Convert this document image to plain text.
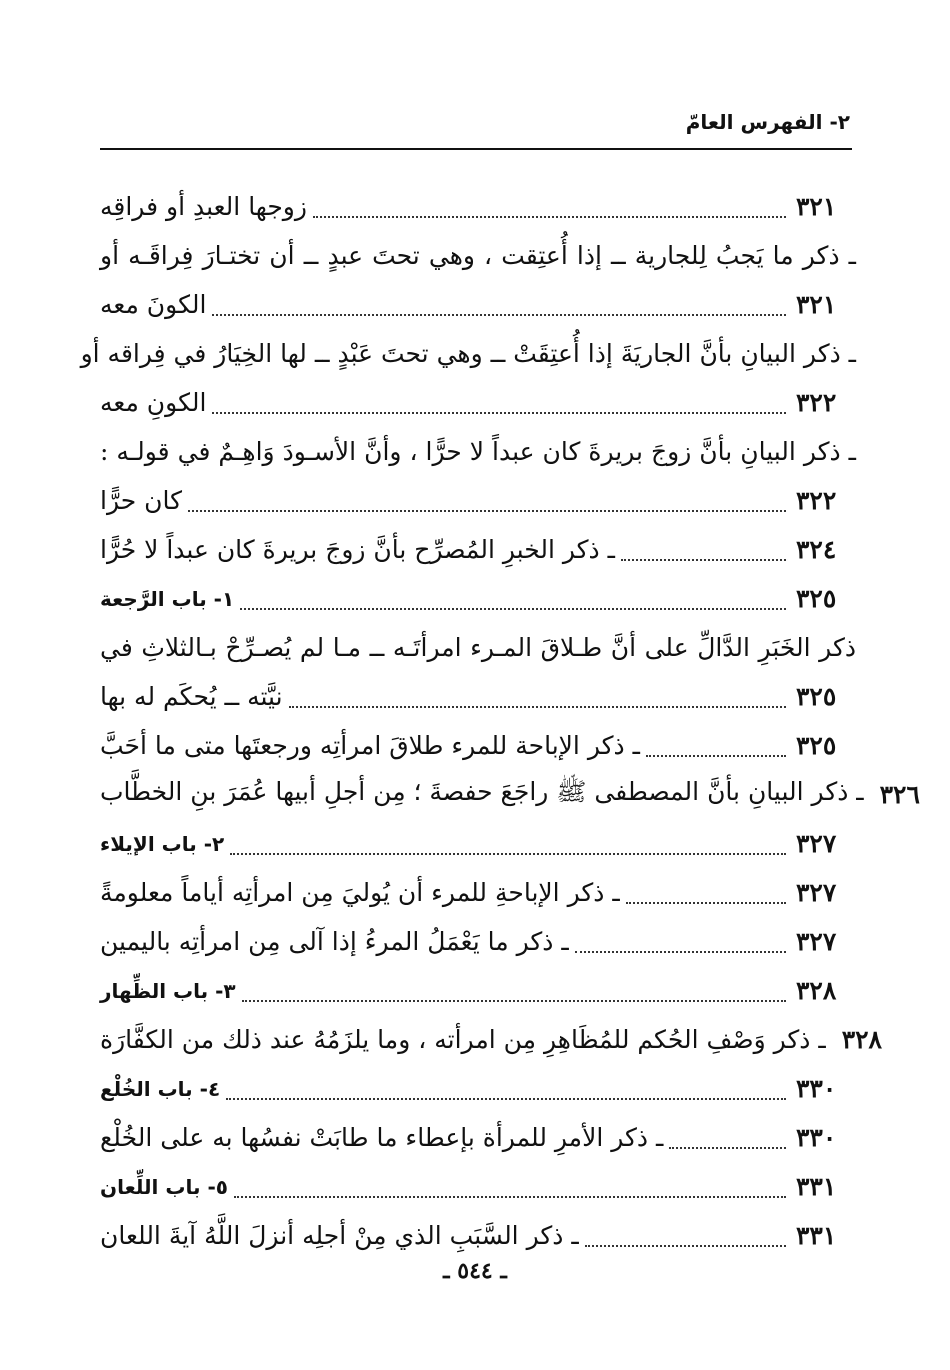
٢- الفهرس العامّ
زوجها العبدِ أو فراقِه	٣٢١
ـ ذكر ما يَجبُ لِلجارية ــ إذا أُعتِقت ، وهي تحتَ عبدٍ ــ أن تختـارَ فِراقَـه أو
الكونَ معه	٣٢١
ـ ذكر البيانِ بأنَّ الجاريَةَ إذا أُعتِقَتْ ــ وهي تحتَ عَبْدٍ ــ لها الخِيَارُ في فِراقه أو
الكونِ معه	٣٢٢
ـ ذكر البيانِ بأنَّ زوجَ بريرةَ كان عبداً لا حرًّا ، وأنَّ الأسـودَ وَاهِـمٌ في قولـه :
كان حرًّا	٣٢٢
ـ ذكر الخبرِ المُصرِّح بأنَّ زوجَ بريرةَ كان عبداً لا حُرًّا	٣٢٤
١- باب الرَّجعة	٣٢٥
ذكر الخَبَرِ الدَّالِّ على أنَّ طـلاقَ المـرء امرأتَـه ــ مـا لم يُصـرِّحْ بـالثلاثِ في
نيَّته ــ يُحكَم له بها	٣٢٥
ـ ذكر الإباحة للمرء طلاقَ امرأتِه ورجعتَها متى ما أحَبَّ	٣٢٥
ـ ذكر البيانِ بأنَّ المصطفى ﷺ راجَعَ حفصةَ ؛ مِن أجلِ أبيها عُمَرَ بنِ الخطَّاب ٣٢٦
٢- باب الإيلاء	٣٢٧
ـ ذكر الإباحةِ للمرء أن يُوليَ مِن امرأتِه أياماً معلومةً	٣٢٧
ـ ذكر ما يَعْمَلُ المرءُ إذا آلى مِن امرأتِه باليمين	٣٢٧
٣- باب الظِّهار	٣٢٨
ـ ذكر وَصْفِ الحُكم للمُظَاهِرِ مِن امرأته ، وما يلزَمُهُ عند ذلك من الكفَّارَة ٣٢٨
٤- باب الخُلْع	٣٣٠
ـ ذكر الأمرِ للمرأة بإعطاء ما طابَتْ نفسُها به على الخُلْع	٣٣٠
٥- باب اللِّعان	٣٣١
ـ ذكر السَّبَبِ الذي مِنْ أجلِه أنزلَ اللَّهُ آيةَ اللعان	٣٣١
ـ ٥٤٤ ـ
